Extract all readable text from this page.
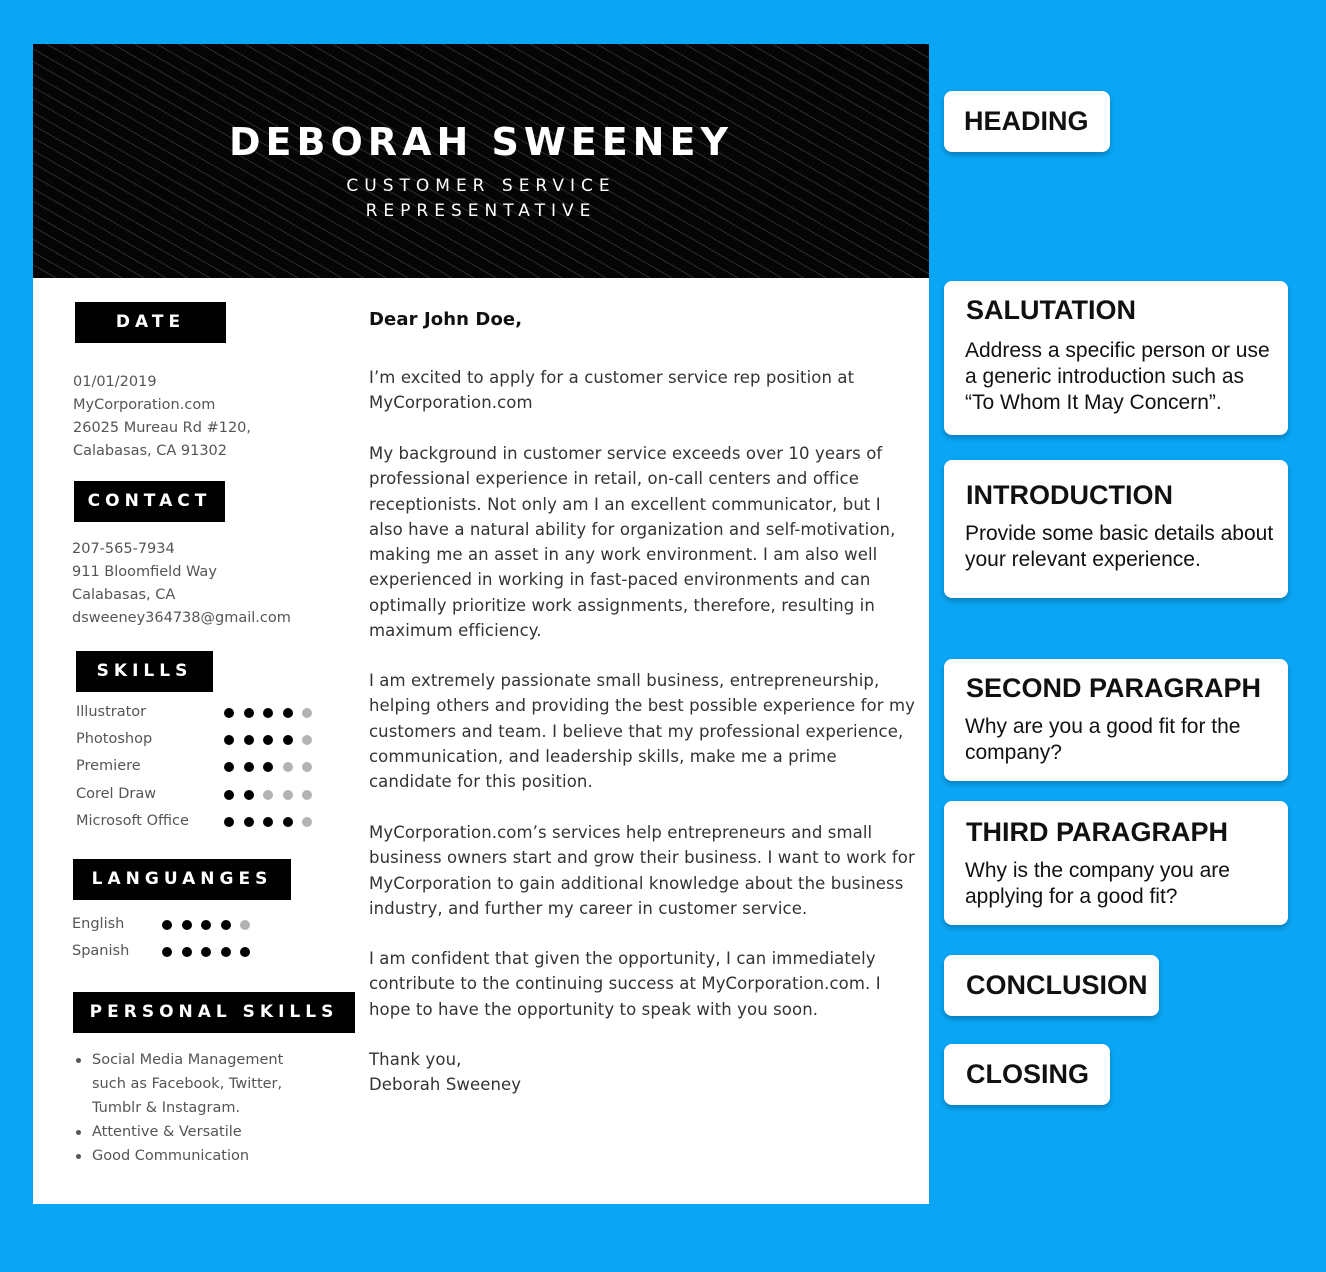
DEBORAH SWEENEY
CUSTOMER SERVICE
REPRESENTATIVE
DATE
01/01/2019
MyCorporation.com
26025 Mureau Rd #120,
Calabasas, CA 91302
CONTACT
207-565-7934
911 Bloomfield Way
Calabasas, CA
dsweeney364738@gmail.com
SKILLS
Illustrator
Photoshop
Premiere
Corel Draw
Microsoft Office
LANGUANGES
English
Spanish
PERSONAL SKILLS
Social Media Management such as Facebook, Twitter, Tumblr & Instagram.
Attentive & Versatile
Good Communication
Dear John Doe,
I’m excited to apply for a customer service rep position at MyCorporation.com
My background in customer service exceeds over 10 years of professional experience in retail, on-call centers and office receptionists. Not only am I an excellent communicator, but I also have a natural ability for organization and self-motivation, making me an asset in any work environment. I am also well experienced in working in fast-paced environments and can optimally prioritize work assignments, therefore, resulting in maximum efficiency.
I am extremely passionate small business, entrepreneurship, helping others and providing the best possible experience for my customers and team. I believe that my professional experience, communication, and leadership skills, make me a prime candidate for this position.
MyCorporation.com’s services help entrepreneurs and small business owners start and grow their business. I want to work for MyCorporation to gain additional knowledge about the business industry, and further my career in customer service.
I am confident that given the opportunity, I can immediately contribute to the continuing success at MyCorporation.com. I hope to have the opportunity to speak with you soon.
Thank you,
Deborah Sweeney
HEADING
SALUTATION
Address a specific person or use a generic introduction such as “To Whom It May Concern”.
INTRODUCTION
Provide some basic details about your relevant experience.
SECOND PARAGRAPH
Why are you a good fit for the company?
THIRD PARAGRAPH
Why is the company you are applying for a good fit?
CONCLUSION
CLOSING
